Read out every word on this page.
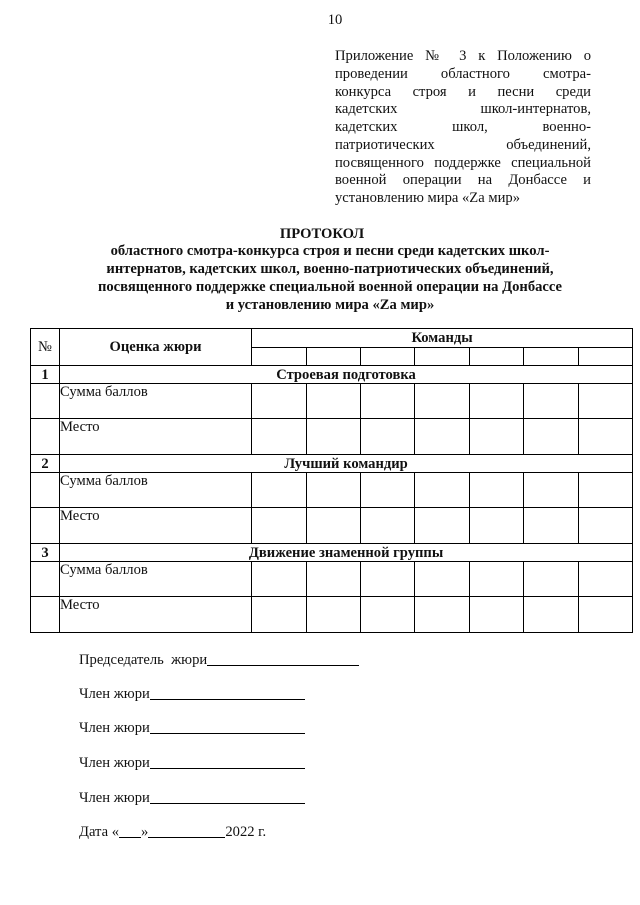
10
Приложение № 3 к Положению о
проведении областного смотра-
конкурса строя и песни среди
кадетских школ-интернатов,
кадетских школ, военно-
патриотических объединений,
посвященного поддержке специальной
военной операции на Донбассе и
установлению мира «Zа мир»
ПРОТОКОЛ
областного смотра-конкурса строя и песни среди кадетских школ-
интернатов, кадетских школ, военно-патриотических объединений,
посвященного поддержке специальной военной операции на Донбассе
и установлению мира «Zа мир»
№	Оценка жюри	Команды						

1	Строевая подготовка							
	Сумма баллов							
	Место							
2	Лучший командир							
	Сумма баллов							
	Место							
3	Движение знаменной группы							
	Сумма баллов							
	Место							
Председатель  жюри
Член жюри
Член жюри
Член жюри
Член жюри
Дата « »	2022 г.
